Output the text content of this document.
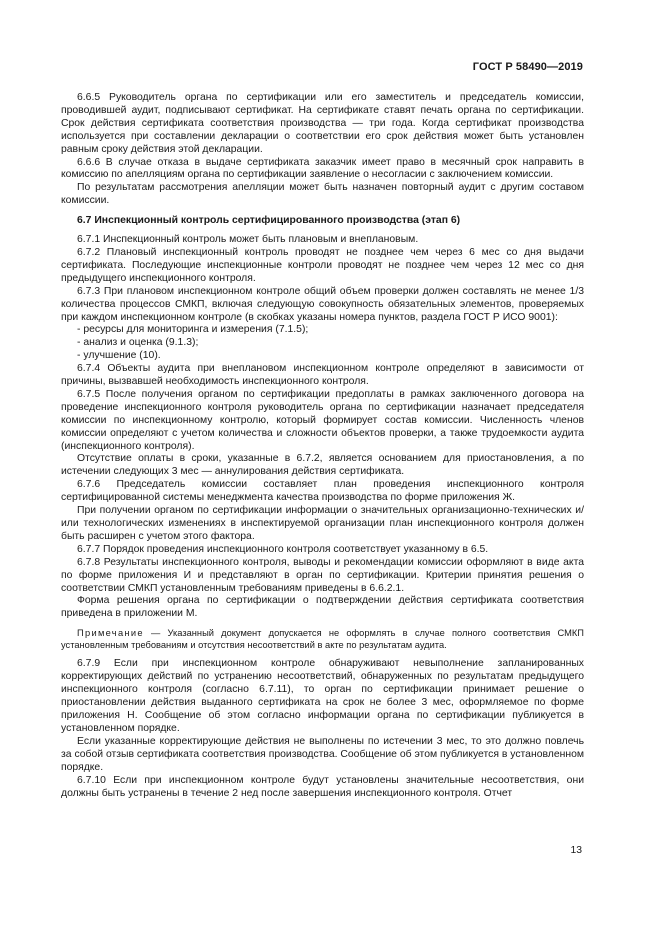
ГОСТ Р 58490—2019

6.6.5 Руководитель органа по сертификации или его заместитель и председатель комиссии, проводившей аудит, подписывают сертификат. На сертификате ставят печать органа по сертификации. Срок действия сертификата соответствия производства — три года. Когда сертификат производства используется при составлении декларации о соответствии его срок действия может быть установлен равным сроку действия этой декларации.

6.6.6 В случае отказа в выдаче сертификата заказчик имеет право в месячный срок направить в комиссию по апелляциям органа по сертификации заявление о несогласии с заключением комиссии.

По результатам рассмотрения апелляции может быть назначен повторный аудит с другим составом комиссии.

6.7 Инспекционный контроль сертифицированного производства (этап 6)

6.7.1 Инспекционный контроль может быть плановым и внеплановым.

6.7.2 Плановый инспекционный контроль проводят не позднее чем через 6 мес со дня выдачи сертификата. Последующие инспекционные контроли проводят не позднее чем через 12 мес со дня предыдущего инспекционного контроля.

6.7.3 При плановом инспекционном контроле общий объем проверки должен составлять не менее 1/3 количества процессов СМКП, включая следующую совокупность обязательных элементов, проверяемых при каждом инспекционном контроле (в скобках указаны номера пунктов, раздела ГОСТ Р ИСО 9001):

- ресурсы для мониторинга и измерения (7.1.5);

- анализ и оценка (9.1.3);

- улучшение (10).

6.7.4 Объекты аудита при внеплановом инспекционном контроле определяют в зависимости от причины, вызвавшей необходимость инспекционного контроля.

6.7.5 После получения органом по сертификации предоплаты в рамках заключенного договора на проведение инспекционного контроля руководитель органа по сертификации назначает председателя комиссии по инспекционному контролю, который формирует состав комиссии. Численность членов комиссии определяют с учетом количества и сложности объектов проверки, а также трудоемкости аудита (инспекционного контроля).

Отсутствие оплаты в сроки, указанные в 6.7.2, является основанием для приостановления, а по истечении следующих 3 мес — аннулирования действия сертификата.

6.7.6 Председатель комиссии составляет план проведения инспекционного контроля сертифицированной системы менеджмента качества производства по форме приложения Ж.

При получении органом по сертификации информации о значительных организационно-технических и/или технологических изменениях в инспектируемой организации план инспекционного контроля должен быть расширен с учетом этого фактора.

6.7.7 Порядок проведения инспекционного контроля соответствует указанному в 6.5.

6.7.8 Результаты инспекционного контроля, выводы и рекомендации комиссии оформляют в виде акта по форме приложения И и представляют в орган по сертификации. Критерии принятия решения о соответствии СМКП установленным требованиям приведены в 6.6.2.1.

Форма решения органа по сертификации о подтверждении действия сертификата соответствия приведена в приложении М.

Примечание — Указанный документ допускается не оформлять в случае полного соответствия СМКП установленным требованиям и отсутствия несоответствий в акте по результатам аудита.

6.7.9 Если при инспекционном контроле обнаруживают невыполнение запланированных корректирующих действий по устранению несоответствий, обнаруженных по результатам предыдущего инспекционного контроля (согласно 6.7.11), то орган по сертификации принимает решение о приостановлении действия выданного сертификата на срок не более 3 мес, оформляемое по форме приложения Н. Сообщение об этом согласно информации органа по сертификации публикуется в установленном порядке.

Если указанные корректирующие действия не выполнены по истечении 3 мес, то это должно повлечь за собой отзыв сертификата соответствия производства. Сообщение об этом публикуется в установленном порядке.

6.7.10 Если при инспекционном контроле будут установлены значительные несоответствия, они должны быть устранены в течение 2 нед после завершения инспекционного контроля. Отчет

13
